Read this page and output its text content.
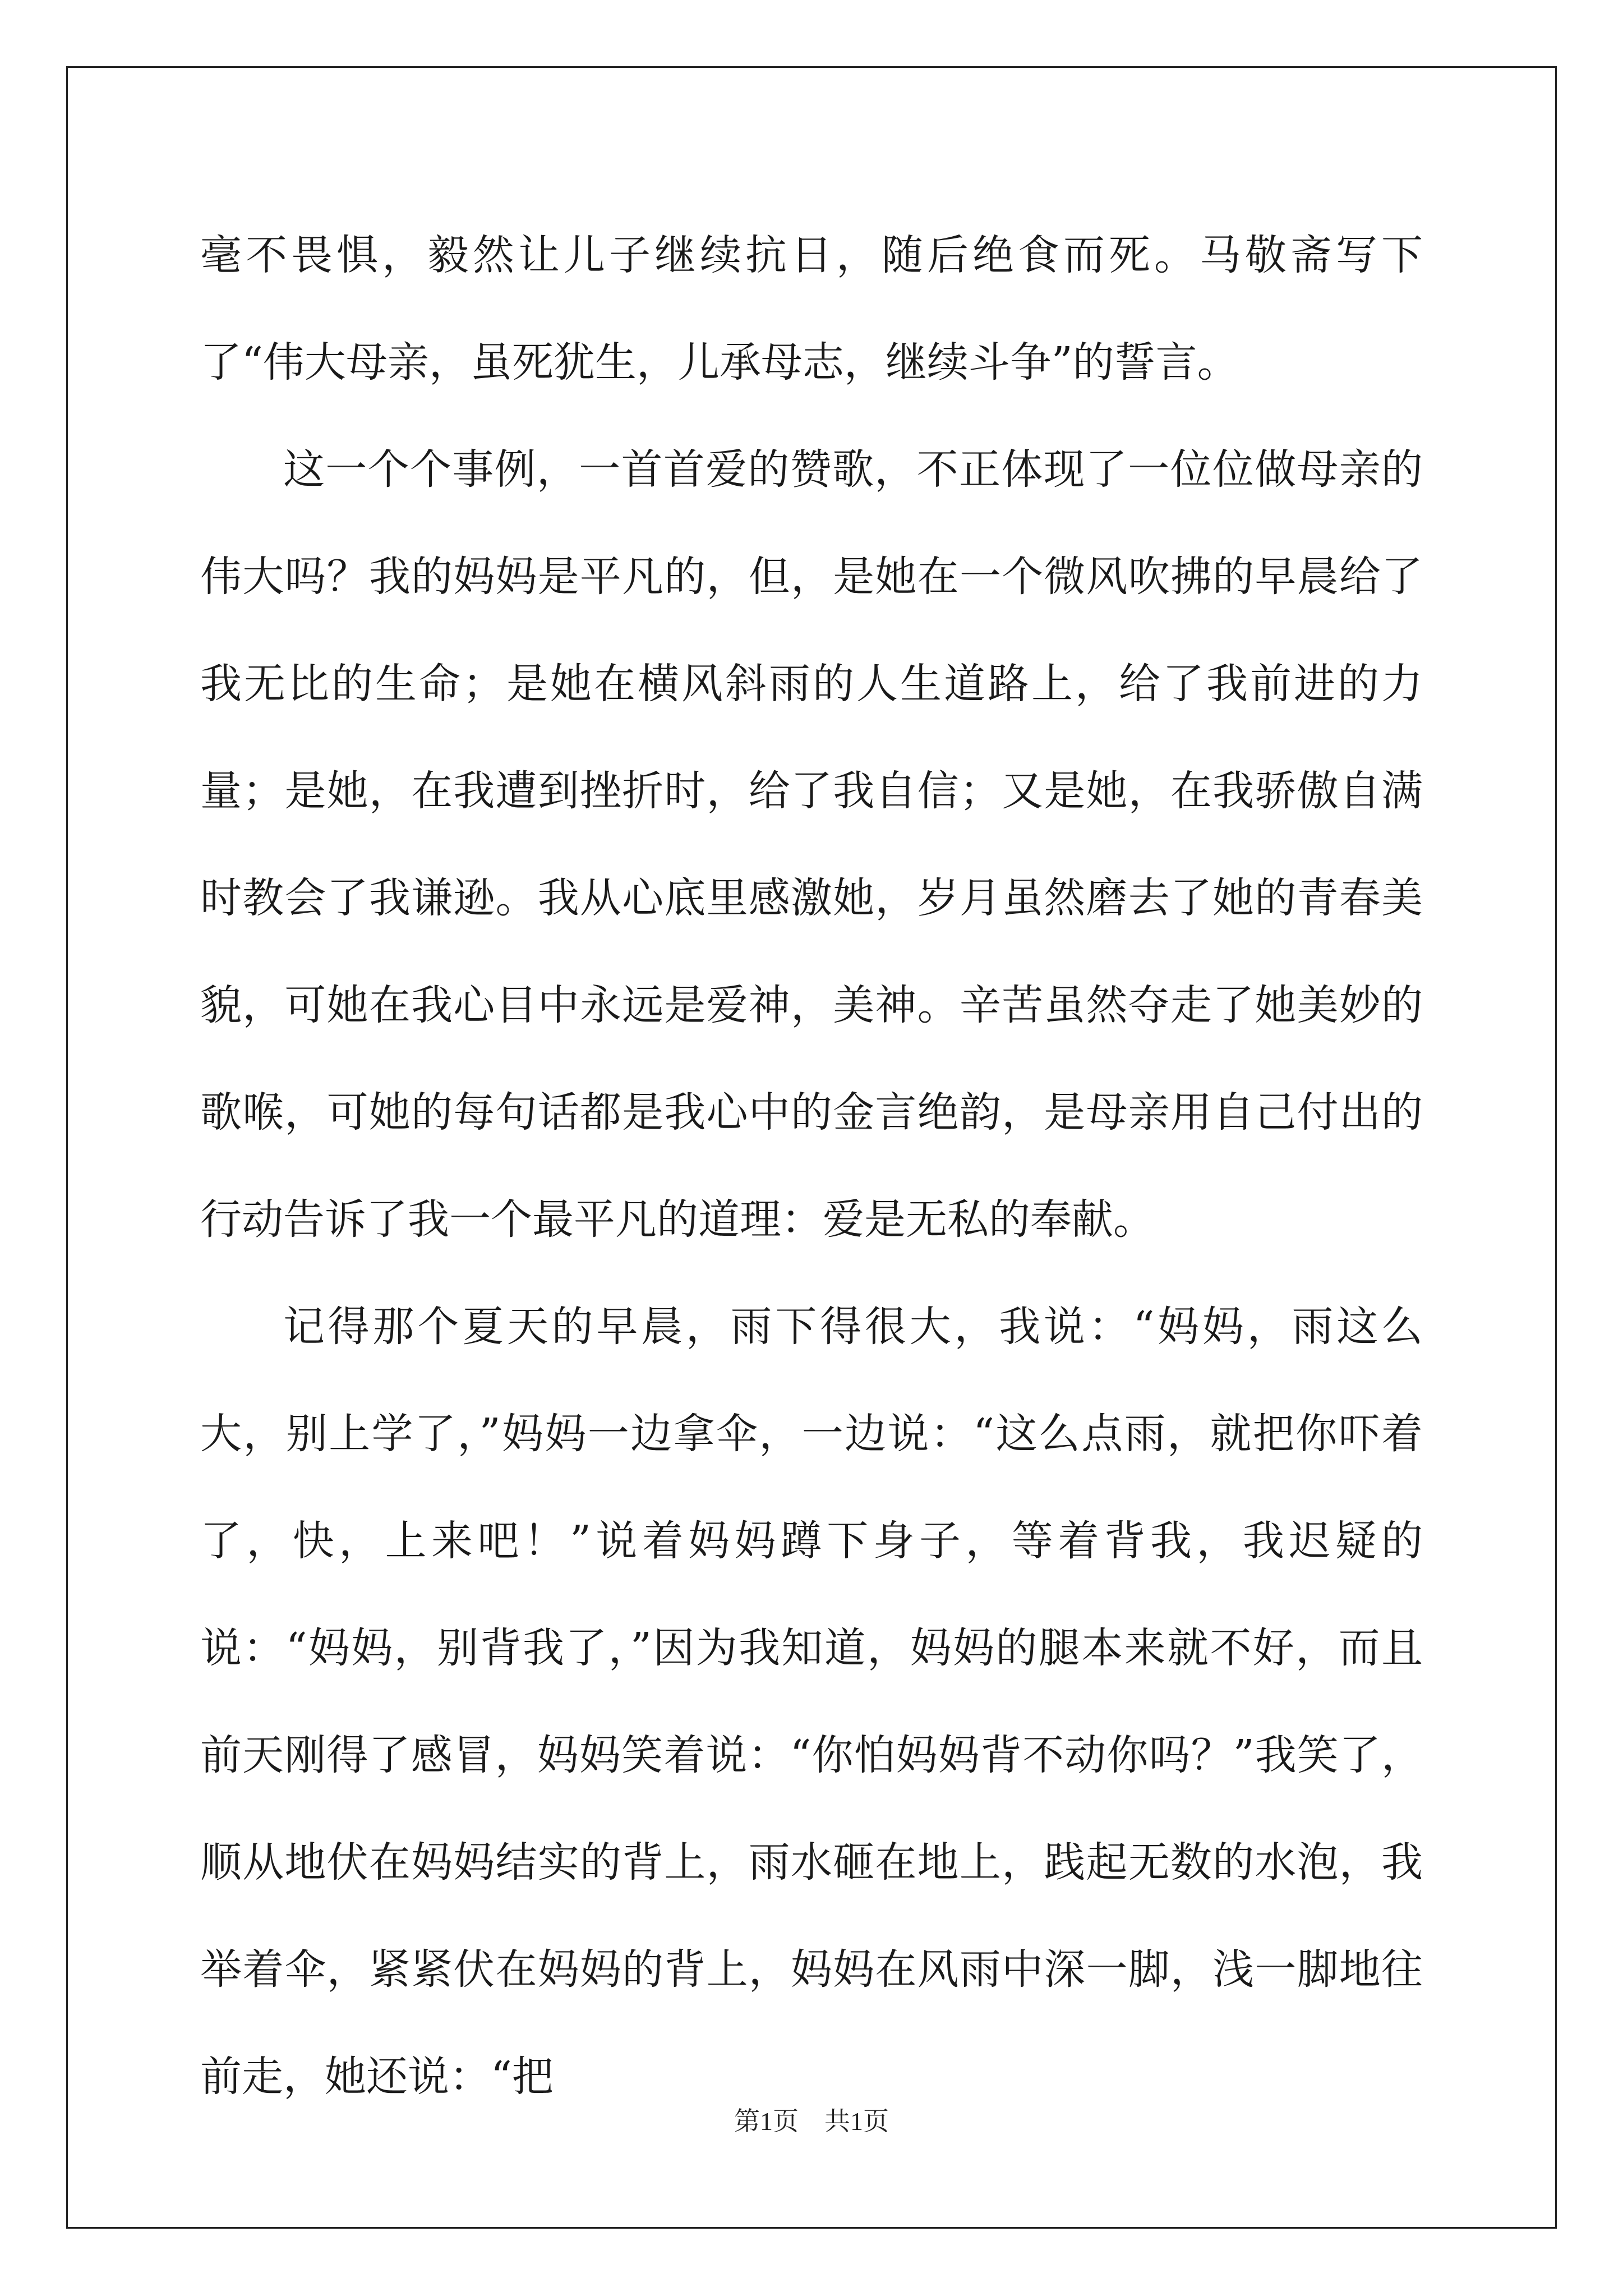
毫不畏惧，毅然让儿子继续抗日，随后绝食而死。马敬斋写下了“伟大母亲，虽死犹生，儿承母志，继续斗争”的誓言。

这一个个事例，一首首爱的赞歌，不正体现了一位位做母亲的伟大吗？我的妈妈是平凡的，但，是她在一个微风吹拂的早晨给了我无比的生命；是她在横风斜雨的人生道路上，给了我前进的力量；是她，在我遭到挫折时，给了我自信；又是她，在我骄傲自满时教会了我谦逊。我从心底里感激她，岁月虽然磨去了她的青春美貌，可她在我心目中永远是爱神，美神。辛苦虽然夺走了她美妙的歌喉，可她的每句话都是我心中的金言绝韵，是母亲用自己付出的行动告诉了我一个最平凡的道理：爱是无私的奉献。

记得那个夏天的早晨，雨下得很大，我说：“妈妈，雨这么大，别上学了，”妈妈一边拿伞，一边说：“这么点雨，就把你吓着了，快，上来吧！”说着妈妈蹲下身子，等着背我，我迟疑的说：“妈妈，别背我了，”因为我知道，妈妈的腿本来就不好，而且前天刚得了感冒，妈妈笑着说：“你怕妈妈背不动你吗？”我笑了，顺从地伏在妈妈结实的背上，雨水砸在地上，践起无数的水泡，我举着伞，紧紧伏在妈妈的背上，妈妈在风雨中深一脚，浅一脚地往前走，她还说：“把

第1页 共1页
